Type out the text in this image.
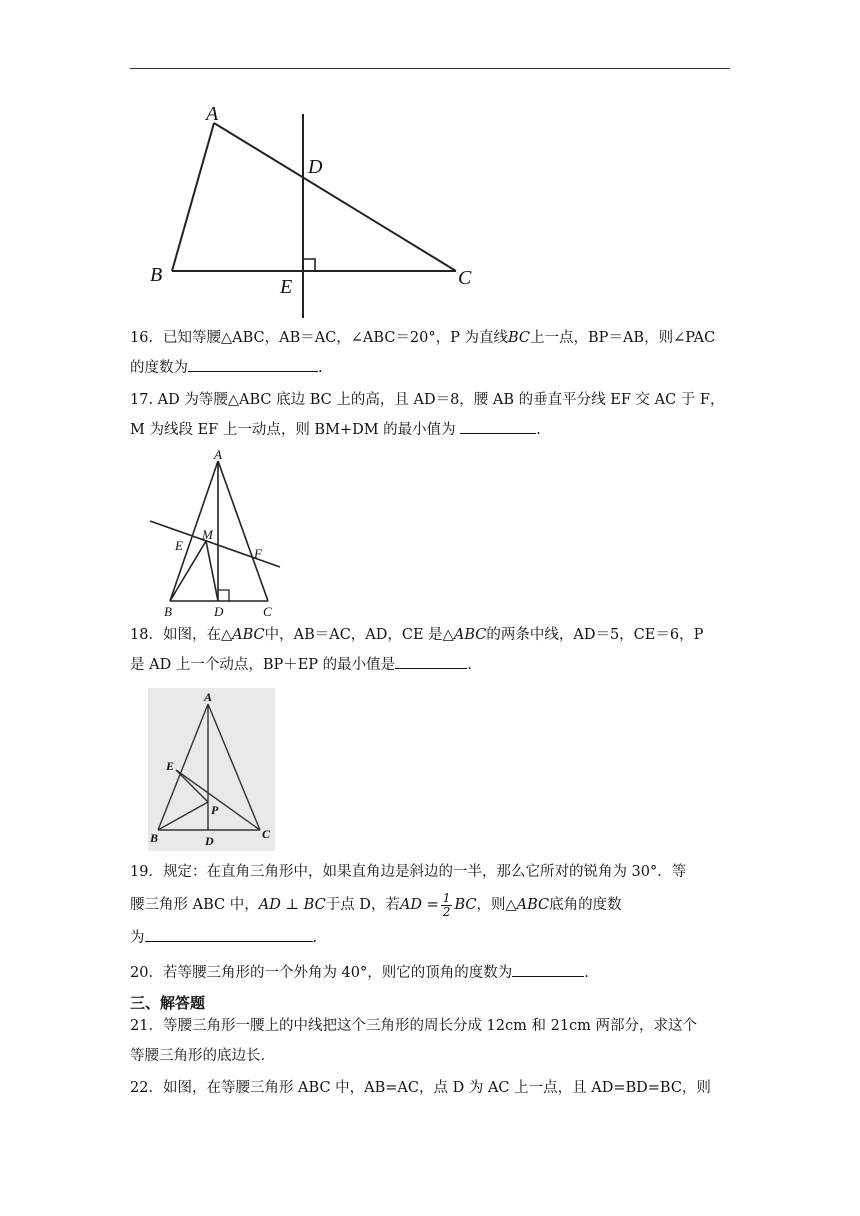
A
B	C
D
E
16．已知等腰△ABC，AB＝AC，∠ABC＝20°，P 为直线BC上一点，BP＝AB，则∠PAC
的度数为	.
17. AD 为等腰△ABC 底边 BC 上的高，且 AD＝8，腰 AB 的垂直平分线 EF 交 AC 于 F，
M 为线段 EF 上一动点，则 BM+DM 的最小值为	.
A
M
E
F
B	D	C
18．如图，在△ABC中，AB＝AC，AD，CE 是△ABC的两条中线，AD＝5，CE＝6，P
是 AD 上一个动点，BP＋EP 的最小值是	.
A
E
P
B	D	C
19．规定：在直角三角形中，如果直角边是斜边的一半，那么它所对的锐角为 30°．等
腰三角形 ABC 中，AD ⊥ BC于点 D，若AD = $\frac{1}{2}$ BC，则△ABC底角的度数
为	.
20．若等腰三角形的一个外角为 40°，则它的顶角的度数为	.
三、解答题
21．等腰三角形一腰上的中线把这个三角形的周长分成 12cm 和 21cm 两部分，求这个
等腰三角形的底边长.
22．如图，在等腰三角形 ABC 中，AB=AC，点 D 为 AC 上一点，且 AD=BD=BC，则
